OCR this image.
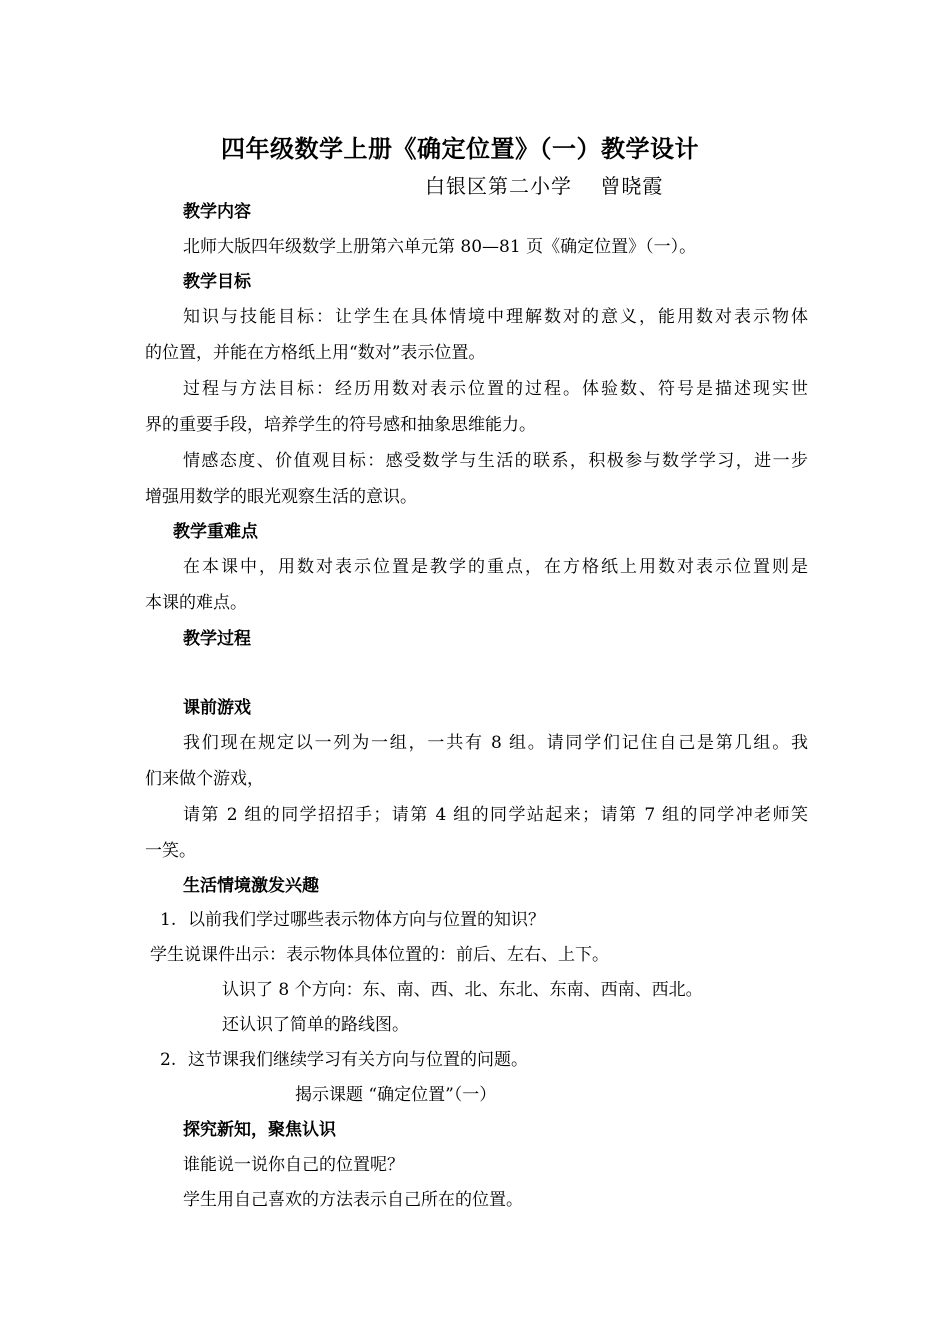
四年级数学上册《确定位置》（一）教学设计
白银区第二小学　 曾晓霞
教学内容
北师大版四年级数学上册第六单元第 80—81 页《确定位置》（一）。
教学目标
知识与技能目标：让学生在具体情境中理解数对的意义，能用数对表示物体
的位置，并能在方格纸上用“数对”表示位置。
过程与方法目标：经历用数对表示位置的过程。体验数、符号是描述现实世
界的重要手段，培养学生的符号感和抽象思维能力。
情感态度、价值观目标：感受数学与生活的联系，积极参与数学学习，进一步
增强用数学的眼光观察生活的意识。
教学重难点
在本课中，用数对表示位置是教学的重点，在方格纸上用数对表示位置则是
本课的难点。
教学过程
课前游戏
我们现在规定以一列为一组，一共有 8 组。请同学们记住自己是第几组。我
们来做个游戏，
请第 2 组的同学招招手；请第 4 组的同学站起来；请第 7 组的同学冲老师笑
一笑。
生活情境激发兴趣
1. 以前我们学过哪些表示物体方向与位置的知识？
学生说课件出示：表示物体具体位置的：前后、左右、上下。
认识了 8 个方向：东、南、西、北、东北、东南、西南、西北。
还认识了简单的路线图。
2. 这节课我们继续学习有关方向与位置的问题。
揭示课题 “确定位置”（一）
探究新知，聚焦认识
谁能说一说你自己的位置呢？
学生用自己喜欢的方法表示自己所在的位置。
